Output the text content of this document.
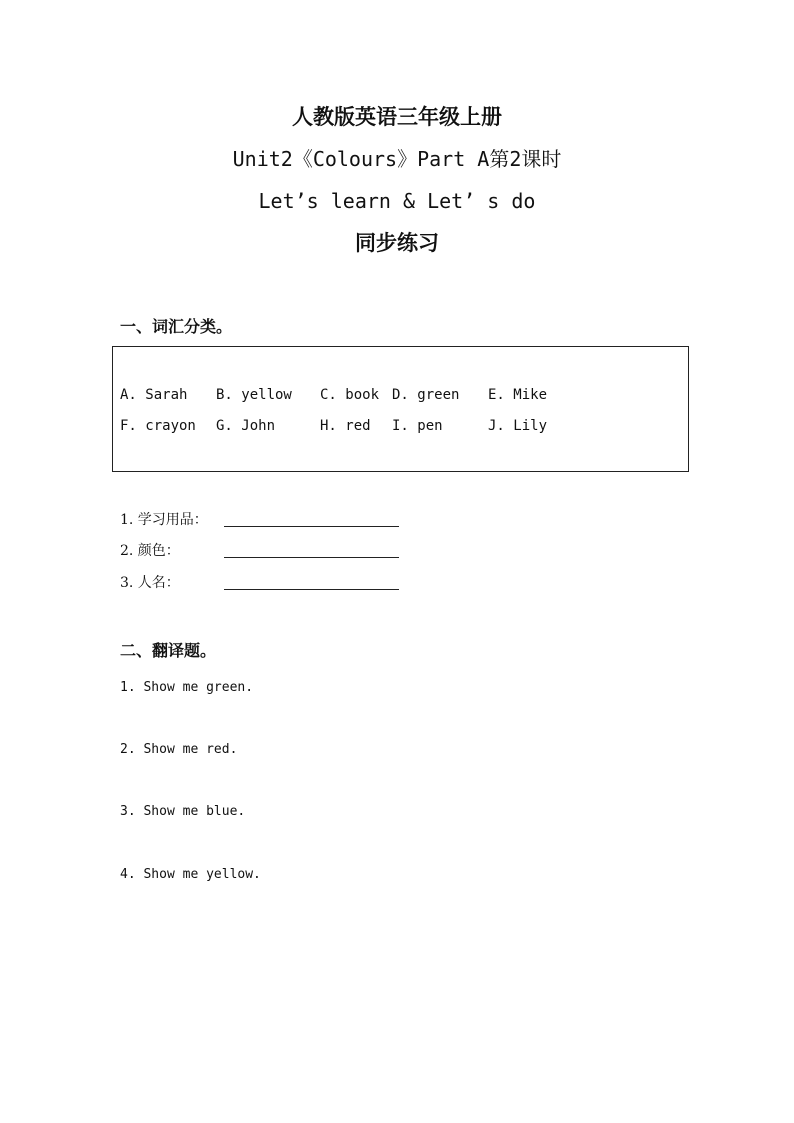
人教版英语三年级上册
Unit2《Colours》Part A第2课时
Let’s learn & Let’ s do
同步练习
一、词汇分类。
A. Sarah B. yellow C. book D. green E. Mike
F. crayon G. John	H. red I. pen	J. Lily
1. 学习用品：
2. 颜色：
3. 人名：
二、翻译题。
1. Show me green.
2. Show me red.
3. Show me blue.
4. Show me yellow.
